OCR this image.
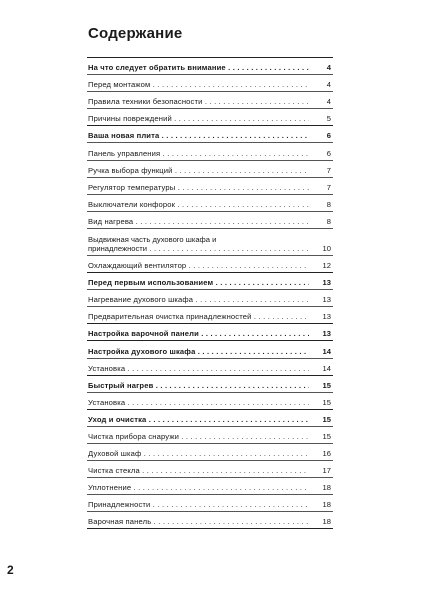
Содержание
На что следует обратить внимание . . .	4
Перед монтажом . . .	4
Правила техники безопасности . . .	4
Причины повреждений . . .	5
Ваша новая плита . . .	6
Панель управления . . .	6
Ручка выбора функций . . .	7
Регулятор температуры . . .	7
Выключатели конфорок . . .	8
Вид нагрева . . .	8
Выдвижная часть духового шкафа и
принадлежности . . .	10
Охлаждающий вентилятор . . .	12
Перед первым использованием . . .	13
Нагревание духового шкафа . . .	13
Предварительная очистка принадлежностей . . .	13
Настройка варочной панели . . .	13
Настройка духового шкафа . . .	14
Установка . . .	14
Быстрый нагрев . . .	15
Установка . . .	15
Уход и очистка . . .	15
Чистка прибора снаружи . . .	15
Духовой шкаф . . .	16
Чистка стекла . . .	17
Уплотнение . . .	18
Принадлежности . . .	18
Варочная панель . . .	18
2
